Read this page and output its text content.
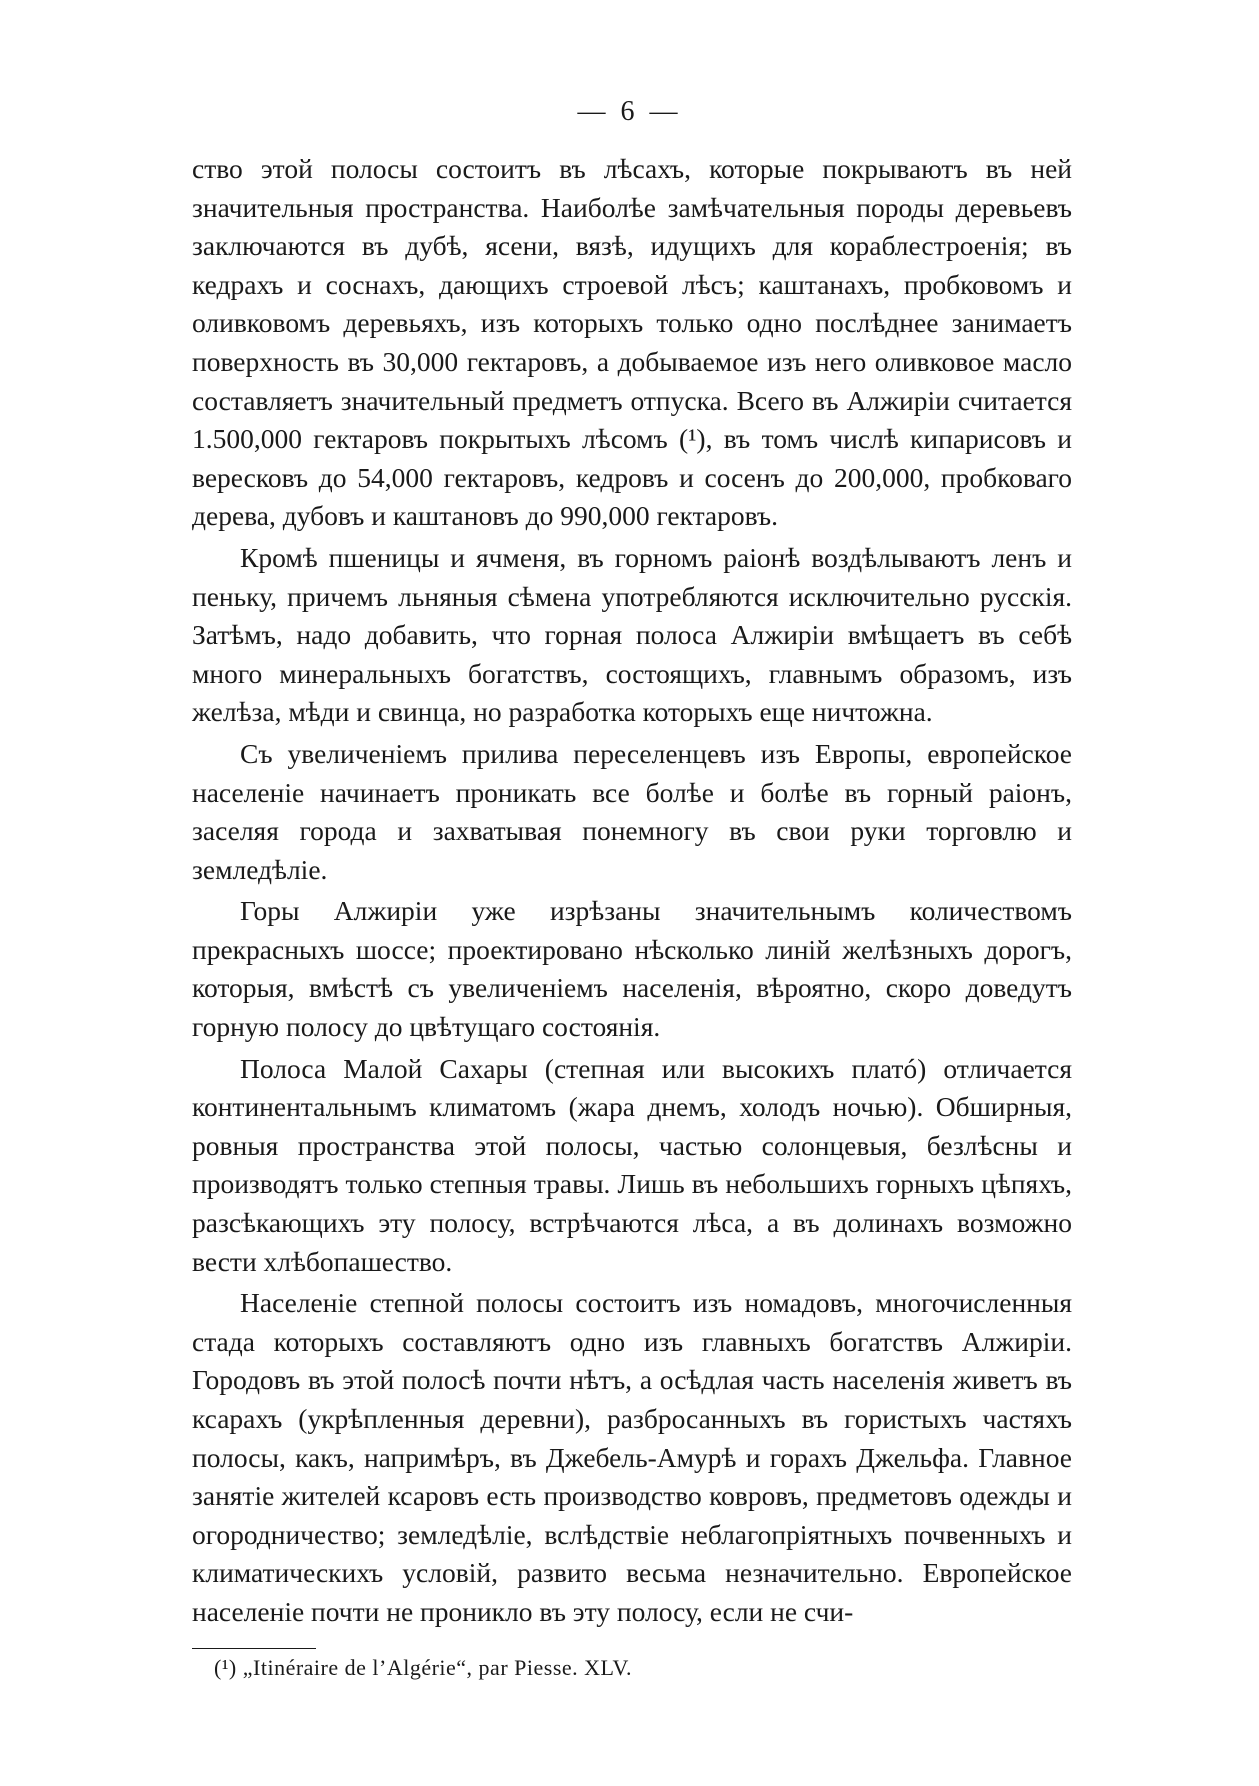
— 6 —

ство этой полосы состоитъ въ лѣсахъ, которые покрываютъ въ ней значительныя пространства. Наиболѣе замѣчательныя породы деревьевъ заключаются въ дубѣ, ясени, вязѣ, идущихъ для кораблестроенія; въ кедрахъ и соснахъ, дающихъ строевой лѣсъ; каштанахъ, пробковомъ и оливковомъ деревьяхъ, изъ которыхъ только одно послѣднее занимаетъ поверхность въ 30,000 гектаровъ, а добываемое изъ него оливковое масло составляетъ значительный предметъ отпуска. Всего въ Алжиріи считается 1.500,000 гектаровъ покрытыхъ лѣсомъ (¹), въ томъ числѣ кипарисовъ и вересковъ до 54,000 гектаровъ, кедровъ и сосенъ до 200,000, пробковаго дерева, дубовъ и каштановъ до 990,000 гектаровъ.

Кромѣ пшеницы и ячменя, въ горномъ раіонѣ воздѣлываютъ ленъ и пеньку, причемъ льняныя сѣмена употребляются исключительно русскія. Затѣмъ, надо добавить, что горная полоса Алжиріи вмѣщаетъ въ себѣ много минеральныхъ богатствъ, состоящихъ, главнымъ образомъ, изъ желѣза, мѣди и свинца, но разработка которыхъ еще ничтожна.

Съ увеличеніемъ прилива переселенцевъ изъ Европы, европейское населеніе начинаетъ проникать все болѣе и болѣе въ горный раіонъ, заселяя города и захватывая понемногу въ свои руки торговлю и земледѣліе.

Горы Алжиріи уже изрѣзаны значительнымъ количествомъ прекрасныхъ шоссе; проектировано нѣсколько линій желѣзныхъ дорогъ, которыя, вмѣстѣ съ увеличеніемъ населенія, вѣроятно, скоро доведутъ горную полосу до цвѣтущаго состоянія.

Полоса Малой Сахары (степная или высокихъ платó) отличается континентальнымъ климатомъ (жара днемъ, холодъ ночью). Обширныя, ровныя пространства этой полосы, частью солонцевыя, безлѣсны и производятъ только степныя травы. Лишь въ небольшихъ горныхъ цѣпяхъ, разсѣкающихъ эту полосу, встрѣчаются лѣса, а въ долинахъ возможно вести хлѣбопашество.

Населеніе степной полосы состоитъ изъ номадовъ, многочисленныя стада которыхъ составляютъ одно изъ главныхъ богатствъ Алжиріи. Городовъ въ этой полосѣ почти нѣтъ, а осѣдлая часть населенія живетъ въ ксарахъ (укрѣпленныя деревни), разбросанныхъ въ гористыхъ частяхъ полосы, какъ, напримѣръ, въ Джебель-Амурѣ и горахъ Джельфа. Главное занятіе жителей ксаровъ есть производство ковровъ, предметовъ одежды и огородничество; земледѣліе, вслѣдствіе неблагопріятныхъ почвенныхъ и климатическихъ условій, развито весьма незначительно. Европейское населеніе почти не проникло въ эту полосу, если не счи-

(¹) „Itinéraire de l’Algérie“, par Piesse. XLV.
